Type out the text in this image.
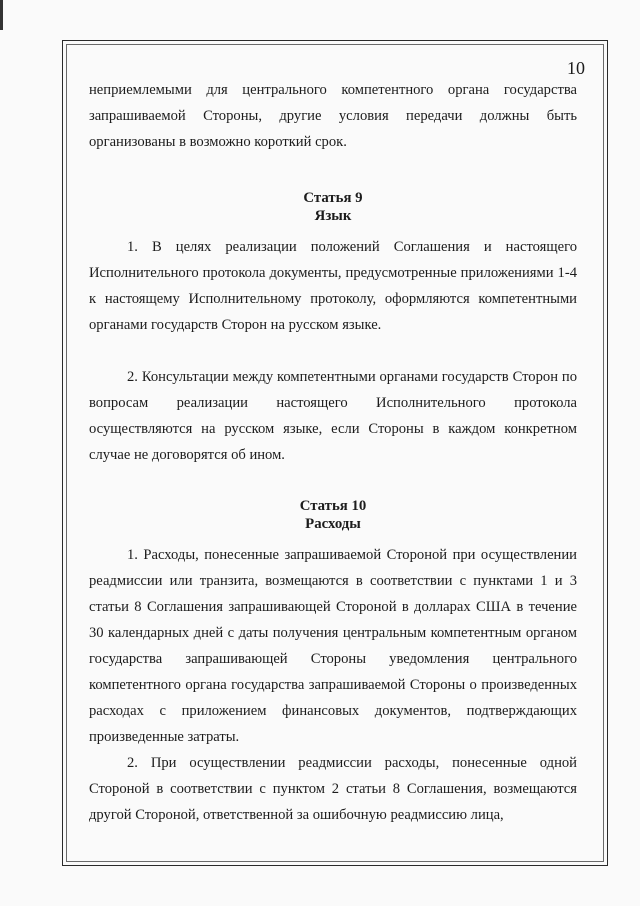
10
неприемлемыми для центрального компетентного органа государства запрашиваемой Стороны, другие условия передачи должны быть организованы в возможно короткий срок.
Статья 9
Язык
1. В целях реализации положений Соглашения и настоящего Исполнительного протокола документы, предусмотренные приложениями 1-4 к настоящему Исполнительному протоколу, оформляются компетентными органами государств Сторон на русском языке.
2. Консультации между компетентными органами государств Сторон по вопросам реализации настоящего Исполнительного протокола осуществляются на русском языке, если Стороны в каждом конкретном случае не договорятся об ином.
Статья 10
Расходы
1. Расходы, понесенные запрашиваемой Стороной при осуществлении реадмиссии или транзита, возмещаются в соответствии с пунктами 1 и 3 статьи 8 Соглашения запрашивающей Стороной в долларах США в течение 30 календарных дней с даты получения центральным компетентным органом государства запрашивающей Стороны уведомления центрального компетентного органа государства запрашиваемой Стороны о произведенных расходах с приложением финансовых документов, подтверждающих произведенные затраты.
2. При осуществлении реадмиссии расходы, понесенные одной Стороной в соответствии с пунктом 2 статьи 8 Соглашения, возмещаются другой Стороной, ответственной за ошибочную реадмиссию лица,
